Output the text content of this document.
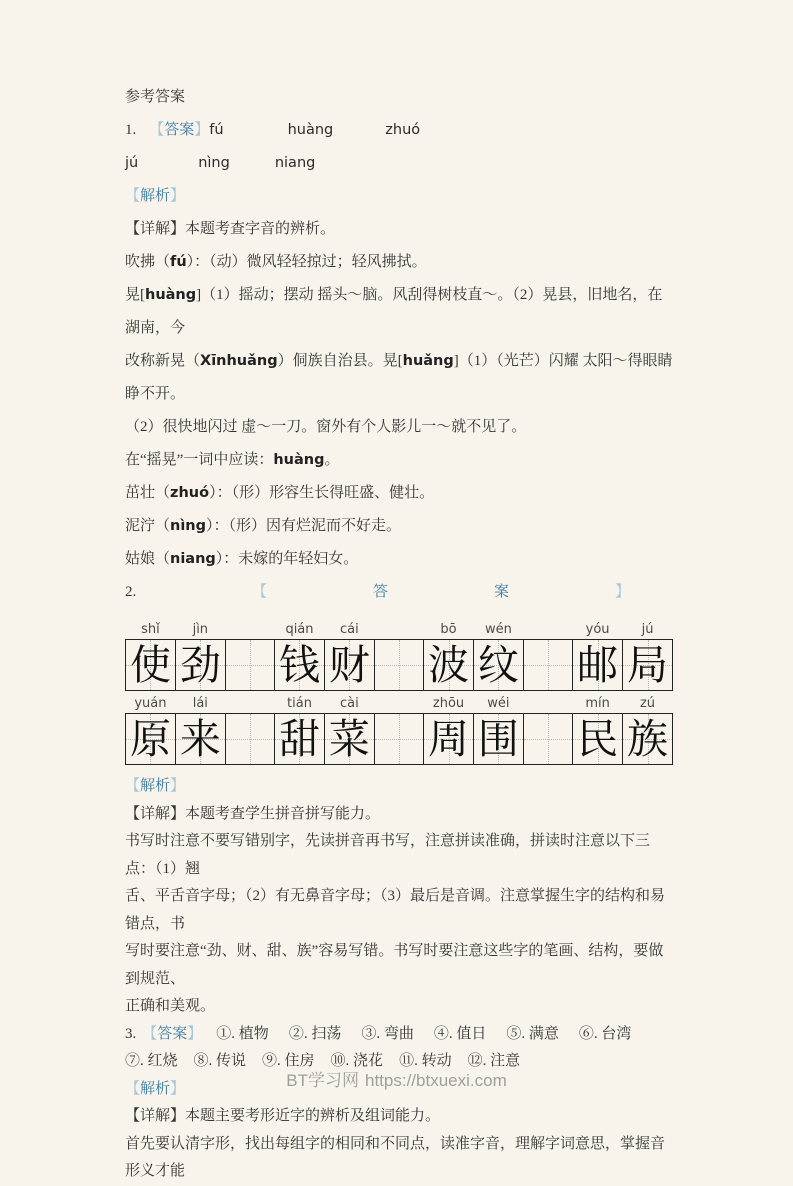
参考答案
1. 【答案】fú	huàng	zhuó
jú	nìng	niang
【解析】
【详解】本题考查字音的辨析。
吹拂（fú）：（动）微风轻轻掠过；轻风拂拭。
晃[huàng]（1）摇动；摆动 摇头～脑。风刮得树枝直～。（2）晃县，旧地名，在湖南，今
改称新晃（Xīnhuǎng）侗族自治县。晃[huǎng]（1）（光芒）闪耀 太阳～得眼睛睁不开。
（2）很快地闪过 虚～一刀。窗外有个人影儿一～就不见了。
在“摇晃”一词中应读：huàng。
茁壮（zhuó）：（形）形容生长得旺盛、健壮。
泥泞（nìng）：（形）因有烂泥而不好走。
姑娘（niang）：未嫁的年轻妇女。
2.	【	答	案	】
shǐ	jìn		qián	cái		bō	wén		yóu	jú

使	劲		钱	财		波	纹		邮	局
yuán	lái		tián	cài		zhōu	wéi		mín	zú

原	来		甜	菜		周	围		民	族
【解析】
【详解】本题考查学生拼音拼写能力。
书写时注意不要写错别字，先读拼音再书写，注意拼读准确，拼读时注意以下三点：（1）翘
舌、平舌音字母；（2）有无鼻音字母；（3）最后是音调。注意掌握生字的结构和易错点，书
写时要注意“劲、财、甜、族”容易写错。书写时要注意这些字的笔画、结构，要做到规范、
正确和美观。
3. 【答案】 ①. 植物 ②. 扫荡 ③. 弯曲 ④. 值日 ⑤. 满意 ⑥. 台湾
⑦. 红烧 ⑧. 传说 ⑨. 住房 ⑩. 浇花 ⑪. 转动 ⑫. 注意
【解析】
【详解】本题主要考形近字的辨析及组词能力。
首先要认清字形，找出每组字的相同和不同点，读准字音，理解字词意思，掌握音形义才能
BT学习网 https://btxuexi.com
